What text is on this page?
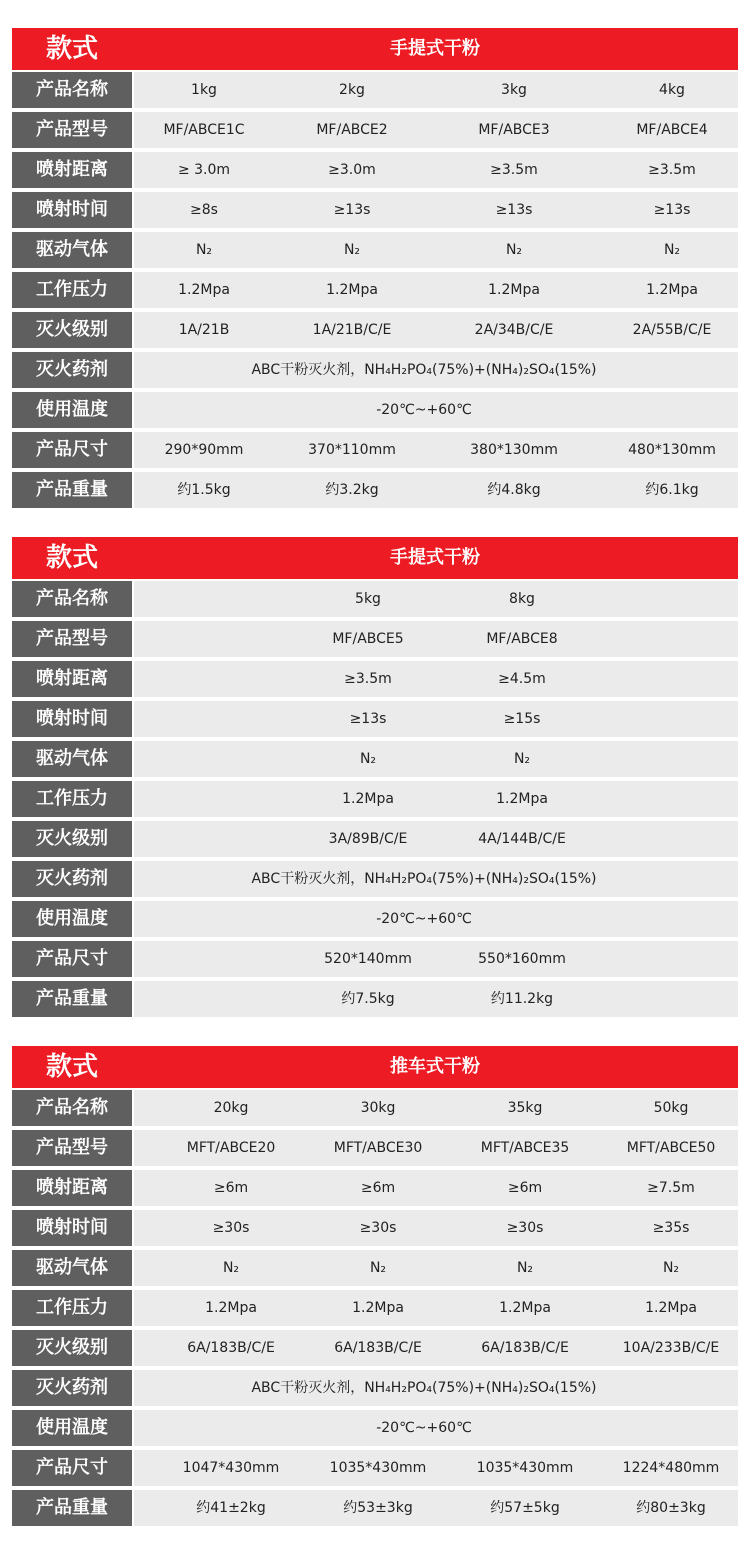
款式	手提式干粉
产品名称	1kg	2kg	3kg	4kg
产品型号	MF/ABCE1C	MF/ABCE2	MF/ABCE3	MF/ABCE4
喷射距离	≥ 3.0m	≥3.0m	≥3.5m	≥3.5m
喷射时间	≥8s	≥13s	≥13s	≥13s
驱动气体	N₂	N₂	N₂	N₂
工作压力	1.2Mpa	1.2Mpa	1.2Mpa	1.2Mpa
灭火级别	1A/21B	1A/21B/C/E	2A/34B/C/E	2A/55B/C/E
灭火药剂	ABC干粉灭火剂，NH₄H₂PO₄(75%)+(NH₄)₂SO₄(15%)
使用温度	-20℃~+60℃
产品尺寸	290*90mm	370*110mm	380*130mm	480*130mm
产品重量	约1.5kg	约3.2kg	约4.8kg	约6.1kg
款式	手提式干粉
产品名称	5kg	8kg
产品型号	MF/ABCE5	MF/ABCE8
喷射距离	≥3.5m	≥4.5m
喷射时间	≥13s	≥15s
驱动气体	N₂	N₂
工作压力	1.2Mpa	1.2Mpa
灭火级别	3A/89B/C/E	4A/144B/C/E
灭火药剂	ABC干粉灭火剂，NH₄H₂PO₄(75%)+(NH₄)₂SO₄(15%)
使用温度	-20℃~+60℃
产品尺寸	520*140mm	550*160mm
产品重量	约7.5kg	约11.2kg
款式	推车式干粉
产品名称	20kg	30kg	35kg	50kg
产品型号	MFT/ABCE20	MFT/ABCE30	MFT/ABCE35	MFT/ABCE50
喷射距离	≥6m	≥6m	≥6m	≥7.5m
喷射时间	≥30s	≥30s	≥30s	≥35s
驱动气体	N₂	N₂	N₂	N₂
工作压力	1.2Mpa	1.2Mpa	1.2Mpa	1.2Mpa
灭火级别	6A/183B/C/E	6A/183B/C/E	6A/183B/C/E	10A/233B/C/E
灭火药剂	ABC干粉灭火剂，NH₄H₂PO₄(75%)+(NH₄)₂SO₄(15%)
使用温度	-20℃~+60℃
产品尺寸	1047*430mm	1035*430mm	1035*430mm	1224*480mm
产品重量	约41±2kg	约53±3kg	约57±5kg	约80±3kg
